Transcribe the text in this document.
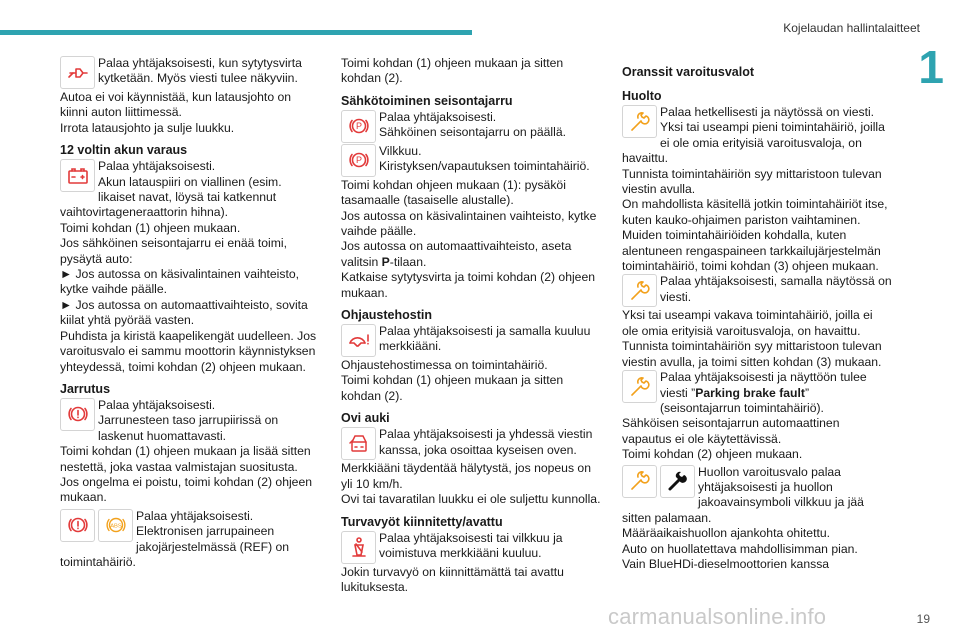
Kojelaudan hallintalaitteet
1

Palaa yhtäjaksoisesti, kun sytytysvirta kytketään. Myös viesti tulee näkyviin.

Autoa ei voi käynnistää, kun latausjohto on kiinni auton liittimessä.

Irrota latausjohto ja sulje luukku.

12 voltin akun varaus

Palaa yhtäjaksoisesti.

Akun latauspiiri on viallinen (esim. likaiset navat, löysä tai katkennut vaihtovirtageneraattorin hihna).

Toimi kohdan (1) ohjeen mukaan.

Jos sähköinen seisontajarru ei enää toimi, pysäytä auto:

► Jos autossa on käsivalintainen vaihteisto, kytke vaihde päälle.

► Jos autossa on automaattivaihteisto, sovita kiilat yhtä pyörää vasten.

Puhdista ja kiristä kaapelikengät uudelleen. Jos varoitusvalo ei sammu moottorin käynnistyksen yhteydessä, toimi kohdan (2) ohjeen mukaan.

Jarrutus

Palaa yhtäjaksoisesti.

Jarrunesteen taso jarrupiirissä on laskenut huomattavasti.

Toimi kohdan (1) ohjeen mukaan ja lisää sitten nestettä, joka vastaa valmistajan suositusta.

Jos ongelma ei poistu, toimi kohdan (2) ohjeen mukaan.

ABS

Palaa yhtäjaksoisesti.

Elektronisen jarrupaineen jakojärjestelmässä (REF) on toimintahäiriö.

Toimi kohdan (1) ohjeen mukaan ja sitten kohdan (2).

Sähkötoiminen seisontajarru
P

Palaa yhtäjaksoisesti.

Sähköinen seisontajarru on päällä.

P

Vilkkuu.

Kiristyksen/vapautuksen toimintahäiriö.

Toimi kohdan ohjeen mukaan (1): pysäköi tasamaalle (tasaiselle alustalle).

Jos autossa on käsivalintainen vaihteisto, kytke vaihde päälle.

Jos autossa on automaattivaihteisto, aseta valitsin P-tilaan.

Katkaise sytytysvirta ja toimi kohdan (2) ohjeen mukaan.

Ohjaustehostin

Palaa yhtäjaksoisesti ja samalla kuuluu merkkiääni.

Ohjaustehostimessa on toimintahäiriö.

Toimi kohdan (1) ohjeen mukaan ja sitten kohdan (2).

Ovi auki

Palaa yhtäjaksoisesti ja yhdessä viestin kanssa, joka osoittaa kyseisen oven.

Merkkiääni täydentää hälytystä, jos nopeus on yli 10 km/h.

Ovi tai tavaratilan luukku ei ole suljettu kunnolla.

Turvavyöt kiinnitetty/avattu

Palaa yhtäjaksoisesti tai vilkkuu ja voimistuva merkkiääni kuuluu.

Jokin turvavyö on kiinnittämättä tai avattu lukituksesta.

Oranssit varoitusvalot
Huolto

Palaa hetkellisesti ja näytössä on viesti. Yksi tai useampi pieni toimintahäiriö, joilla ei ole omia erityisiä varoitusvaloja, on havaittu.

Tunnista toimintahäiriön syy mittaristoon tulevan viestin avulla.

On mahdollista käsitellä jotkin toimintahäiriöt itse, kuten kauko-ohjaimen pariston vaihtaminen.

Muiden toimintahäiriöiden kohdalla, kuten alentuneen rengaspaineen tarkkailujärjestelmän toimintahäiriö, toimi kohdan (3) ohjeen mukaan.

Palaa yhtäjaksoisesti, samalla näytössä on viesti.

Yksi tai useampi vakava toimintahäiriö, joilla ei ole omia erityisiä varoitusvaloja, on havaittu.

Tunnista toimintahäiriön syy mittaristoon tulevan viestin avulla, ja toimi sitten kohdan (3) mukaan.

Palaa yhtäjaksoisesti ja näyttöön tulee viesti ”Parking brake fault” (seisontajarrun toimintahäiriö).

Sähköisen seisontajarrun automaattinen vapautus ei ole käytettävissä.

Toimi kohdan (2) ohjeen mukaan.

Huollon varoitusvalo palaa yhtäjaksoisesti ja huollon jakoavainsymboli vilkkuu ja jää sitten palamaan.

Määräaikaishuollon ajankohta ohitettu.

Auto on huollatettava mahdollisimman pian.

Vain BlueHDi-dieselmoottorien kanssa

carmanualsonline.info	19
